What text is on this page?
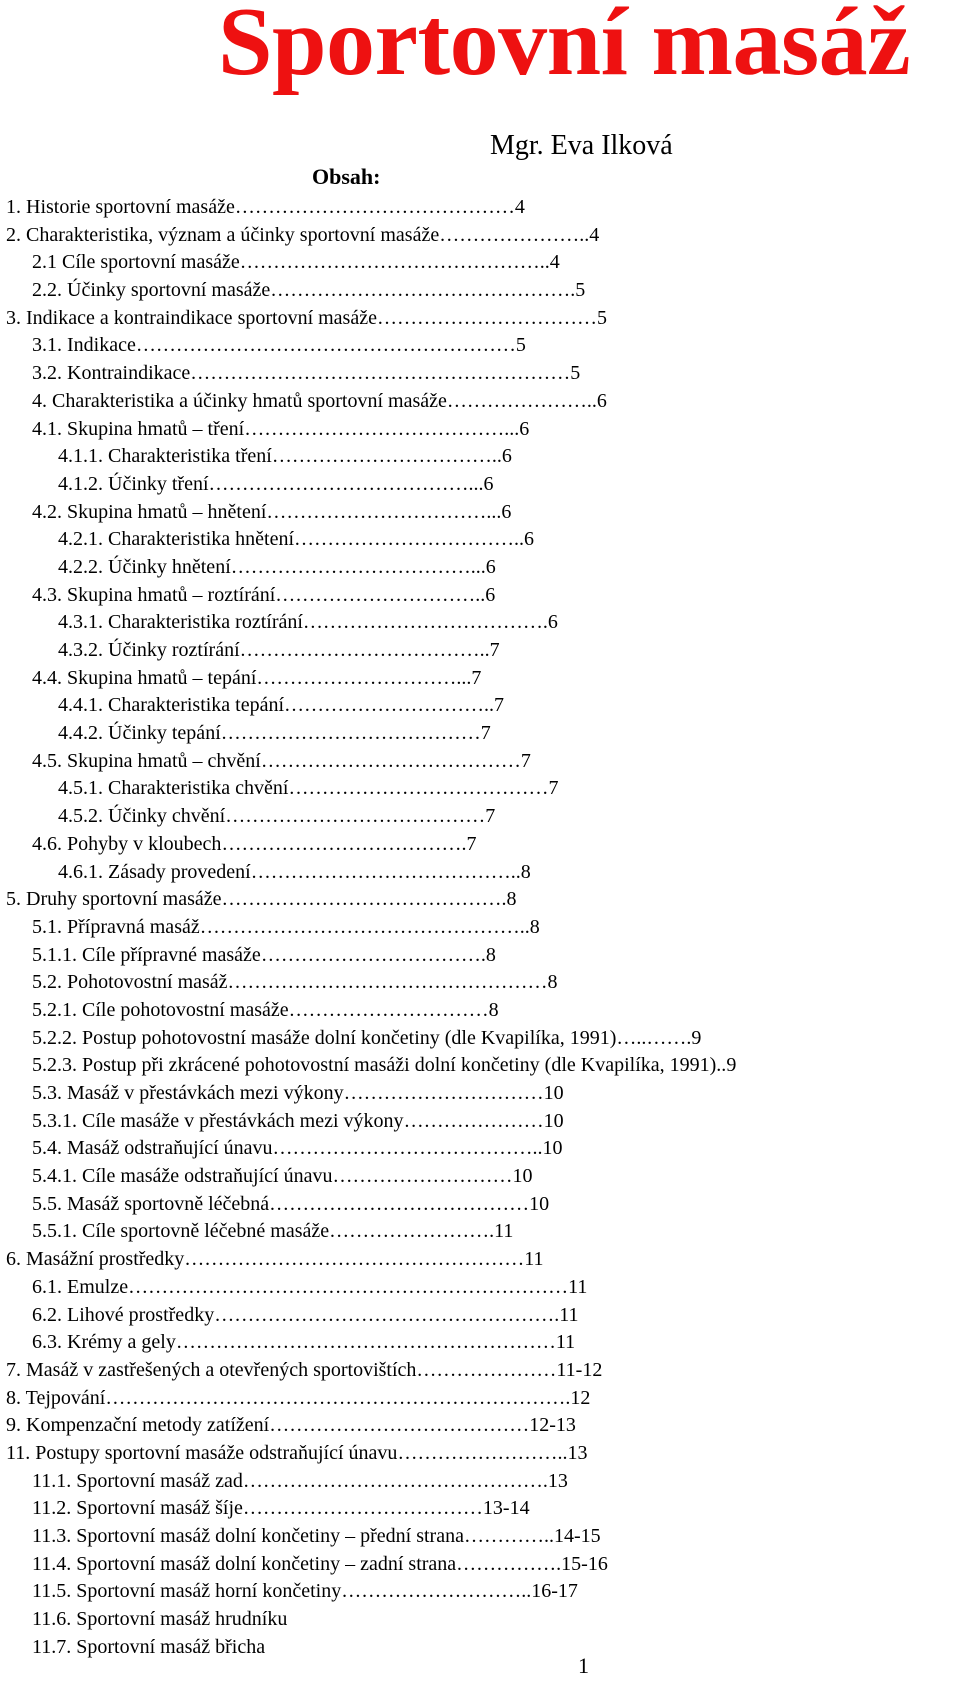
Sportovní masáž
Mgr. Eva Ilková
Obsah:
1. Historie sportovní masáže……………………………………4
2. Charakteristika, význam a účinky sportovní masáže…………………..4
2.1 Cíle sportovní masáže………………………………………..4
2.2. Účinky sportovní masáže……………………………………….5
3. Indikace a kontraindikace sportovní masáže……………………………5
3.1. Indikace…………………………………………………5
3.2. Kontraindikace…………………………………………………5
4. Charakteristika a účinky hmatů sportovní masáže…………………..6
4.1. Skupina hmatů – tření…………………………………...6
4.1.1. Charakteristika tření……………………………..6
4.1.2. Účinky tření…………………………………...6
4.2. Skupina hmatů – hnětení……………………………...6
4.2.1. Charakteristika hnětení……………………………..6
4.2.2. Účinky hnětení………………………………...6
4.3. Skupina hmatů – roztírání…………………………..6
4.3.1. Charakteristika roztírání……………………………….6
4.3.2. Účinky roztírání………………………………..7
4.4. Skupina hmatů – tepání…………………………...7
4.4.1. Charakteristika tepání…………………………..7
4.4.2. Účinky tepání…………………………………7
4.5. Skupina hmatů – chvění…………………………………7
4.5.1. Charakteristika chvění…………………………………7
4.5.2. Účinky chvění…………………………………7
4.6. Pohyby v kloubech……………………………….7
4.6.1. Zásady provedení…………………………………..8
5. Druhy sportovní masáže…………………………………….8
5.1. Přípravná masáž…………………………………………..8
5.1.1. Cíle přípravné masáže…………………………….8
5.2. Pohotovostní masáž…………………………………………8
5.2.1. Cíle pohotovostní masáže…………………………8
5.2.2. Postup pohotovostní masáže dolní končetiny (dle Kvapilíka, 1991)…..…….9
5.2.3. Postup při zkrácené pohotovostní masáži dolní končetiny (dle Kvapilíka, 1991)..9
5.3. Masáž v přestávkách mezi výkony…………………………10
5.3.1. Cíle masáže v přestávkách mezi výkony…………………10
5.4. Masáž odstraňující únavu…………………………………..10
5.4.1. Cíle masáže odstraňující únavu………………………10
5.5. Masáž sportovně léčebná…………………………………10
5.5.1. Cíle sportovně léčebné masáže…………………….11
6. Masážní prostředky……………………………………………11
6.1. Emulze…………………………………………………………11
6.2. Lihové prostředky…………………………………………….11
6.3. Krémy a gely…………………………………………………11
7. Masáž v zastřešených a otevřených sportovištích…………………11-12
8. Tejpování…………………………………………………………….12
9. Kompenzační metody zatížení…………………………………12-13
11. Postupy sportovní masáže odstraňující únavu……………………..13
11.1. Sportovní masáž zad……………………………………….13
11.2. Sportovní masáž šíje………………………………13-14
11.3. Sportovní masáž dolní končetiny – přední strana…………..14-15
11.4. Sportovní masáž dolní končetiny – zadní strana…………….15-16
11.5. Sportovní masáž horní končetiny………………………..16-17
11.6. Sportovní masáž hrudníku
11.7. Sportovní masáž břicha
1
